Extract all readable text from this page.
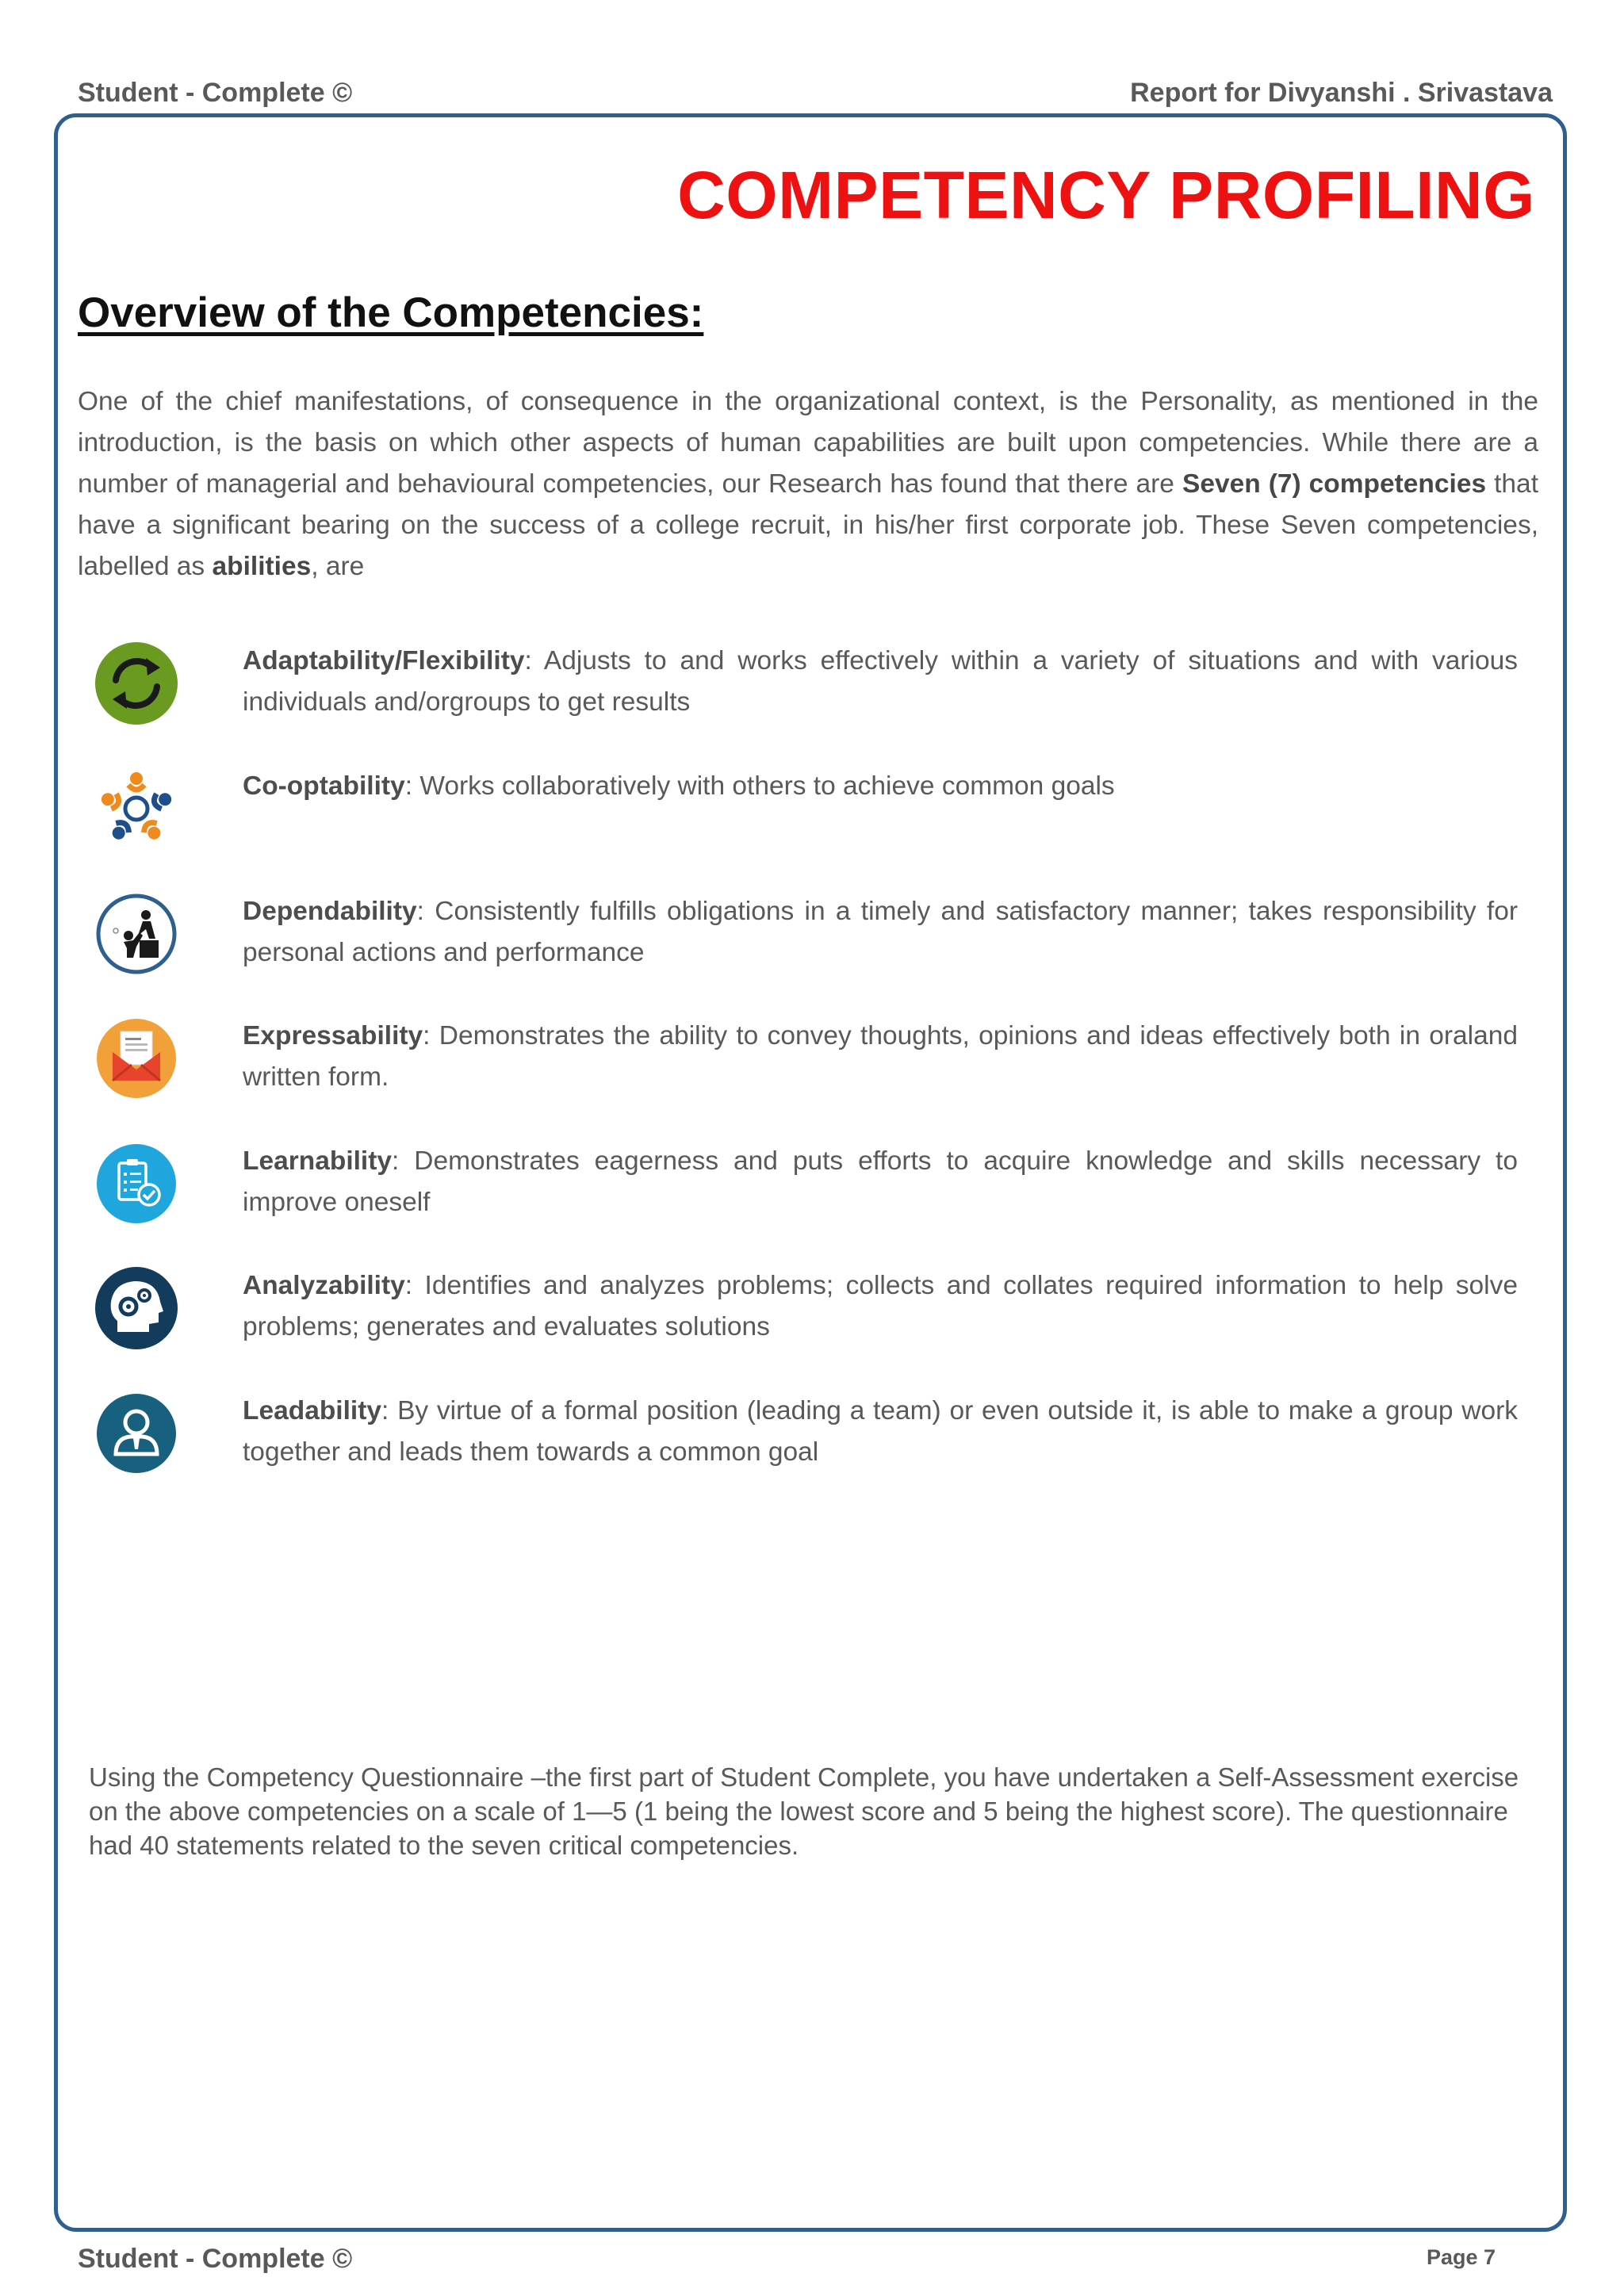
Student - Complete ©	Report for Divyanshi . Srivastava
COMPETENCY PROFILING
Overview of the Competencies:
One of the chief manifestations, of consequence in the organizational context, is the Personality, as mentioned in the introduction, is the basis on which other aspects of human capabilities are built upon competencies. While there are a number of managerial and behavioural competencies, our Research has found that there are Seven (7) competencies that have a significant bearing on the success of a college recruit, in his/her first corporate job. These Seven competencies, labelled as abilities, are
Adaptability/Flexibility: Adjusts to and works effectively within a variety of situations and with various individuals and/orgroups to get results
Co-optability: Works collaboratively with others to achieve common goals
Dependability: Consistently fulfills obligations in a timely and satisfactory manner; takes responsibility for personal actions and performance
Expressability: Demonstrates the ability to convey thoughts, opinions and ideas effectively both in oraland written form.
Learnability: Demonstrates eagerness and puts efforts to acquire knowledge and skills necessary to improve oneself
Analyzability: Identifies and analyzes problems; collects and collates required information to help solve problems; generates and evaluates solutions
Leadability: By virtue of a formal position (leading a team) or even outside it, is able to make a group work together and leads them towards a common goal
Using the Competency Questionnaire –the first part of Student Complete, you have undertaken a Self-Assessment exercise on the above competencies on a scale of 1—5 (1 being the lowest score and 5 being the highest score). The questionnaire had 40 statements related to the seven critical competencies.
Student - Complete ©	Page 7
